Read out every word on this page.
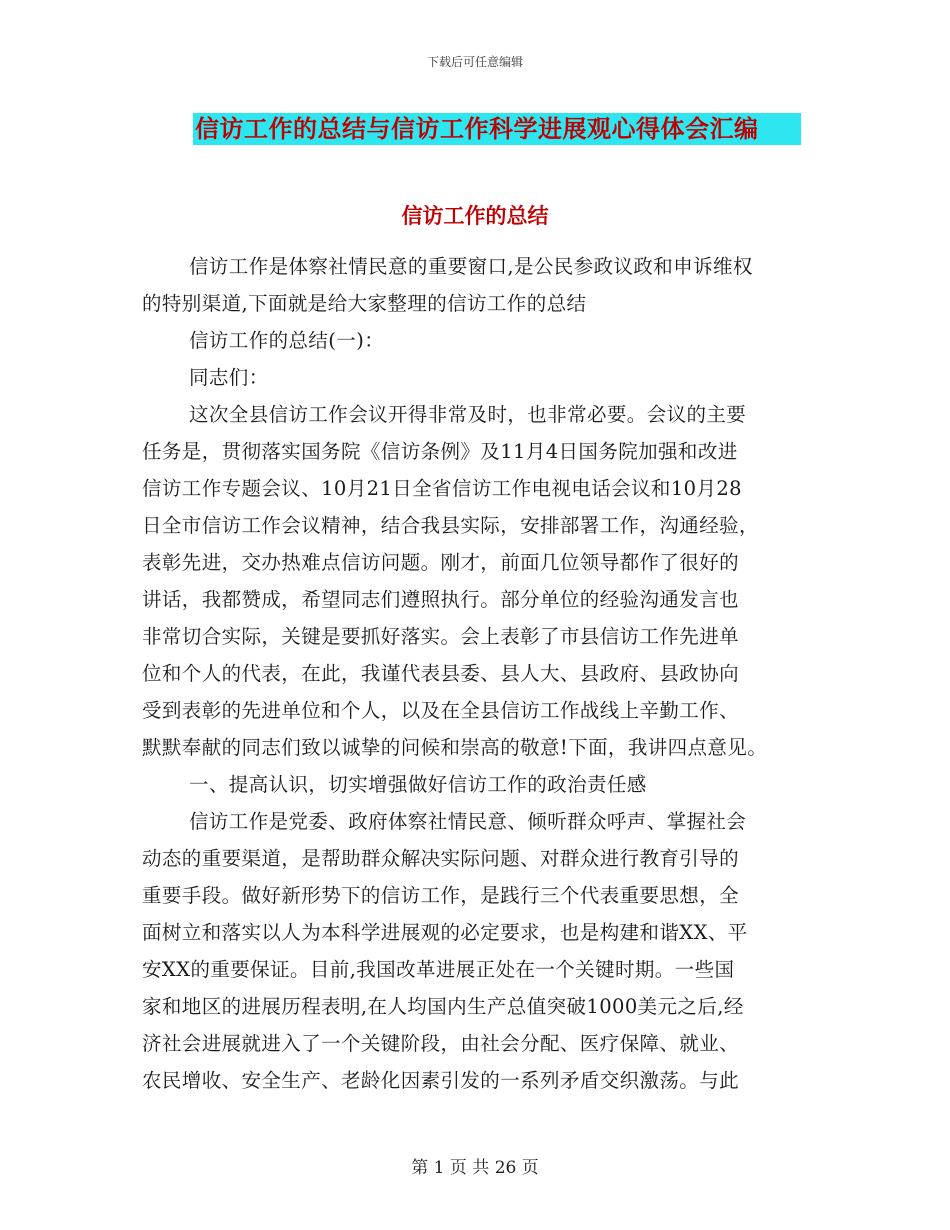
下载后可任意编辑
信访工作的总结与信访工作科学进展观心得体会汇编
信访工作的总结
信访工作是体察社情民意的重要窗口,是公民参政议政和申诉维权
的特别渠道,下面就是给大家整理的信访工作的总结
信访工作的总结(一)：
同志们：
这次全县信访工作会议开得非常及时，也非常必要。会议的主要
任务是，贯彻落实国务院《信访条例》及11月4日国务院加强和改进
信访工作专题会议、10月21日全省信访工作电视电话会议和10月28
日全市信访工作会议精神，结合我县实际，安排部署工作，沟通经验，
表彰先进，交办热难点信访问题。刚才，前面几位领导都作了很好的
讲话，我都赞成，希望同志们遵照执行。部分单位的经验沟通发言也
非常切合实际，关键是要抓好落实。会上表彰了市县信访工作先进单
位和个人的代表，在此，我谨代表县委、县人大、县政府、县政协向
受到表彰的先进单位和个人，以及在全县信访工作战线上辛勤工作、
默默奉献的同志们致以诚挚的问候和崇高的敬意!下面，我讲四点意见。
一、提高认识，切实增强做好信访工作的政治责任感
信访工作是党委、政府体察社情民意、倾听群众呼声、掌握社会
动态的重要渠道，是帮助群众解决实际问题、对群众进行教育引导的
重要手段。做好新形势下的信访工作，是践行三个代表重要思想，全
面树立和落实以人为本科学进展观的必定要求，也是构建和谐XX、平
安XX的重要保证。目前,我国改革进展正处在一个关键时期。一些国
家和地区的进展历程表明,在人均国内生产总值突破1000美元之后,经
济社会进展就进入了一个关键阶段，由社会分配、医疗保障、就业、
农民增收、安全生产、老龄化因素引发的一系列矛盾交织激荡。与此
第 1 页 共 26 页
